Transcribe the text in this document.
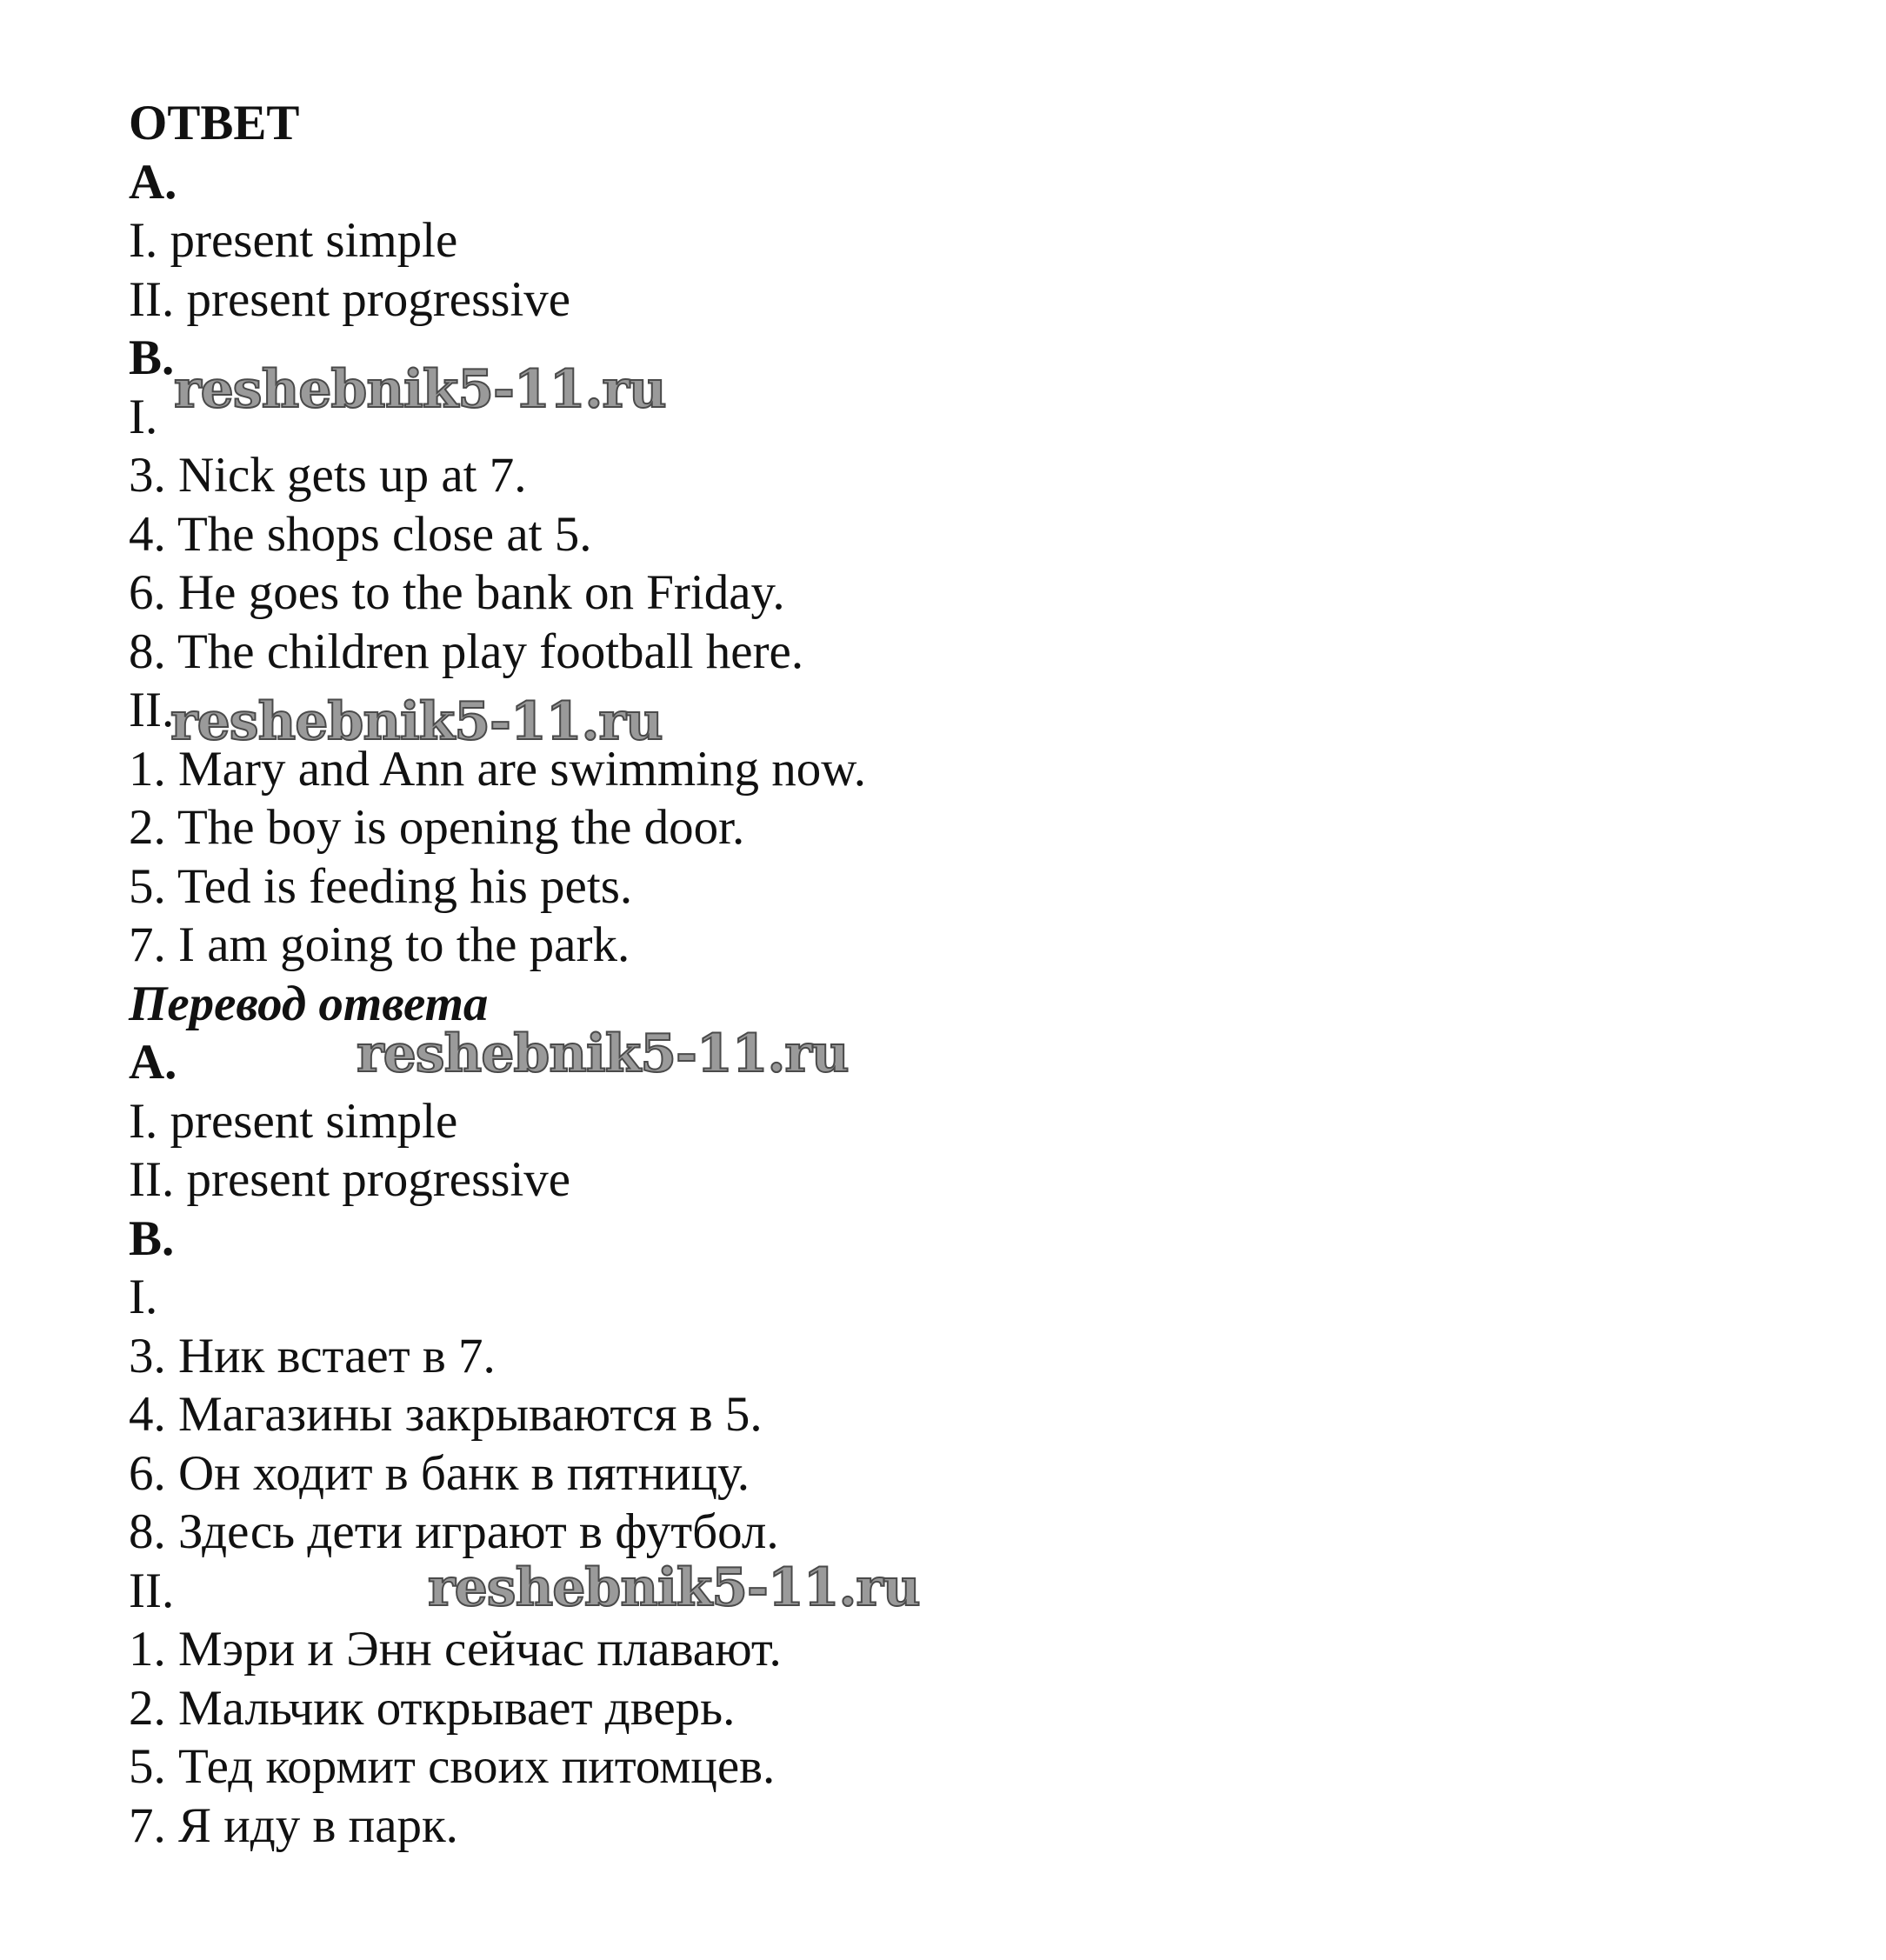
ОТВЕТ
A.
I. present simple
II. present progressive
B.
I.
3. Nick gets up at 7.
4. The shops close at 5.
6. He goes to the bank on Friday.
8. The children play football here.
II.
1. Mary and Ann are swimming now.
2. The boy is opening the door.
5. Ted is feeding his pets.
7. I am going to the park.
Перевод ответа
A.
I. present simple
II. present progressive
B.
I.
3. Ник встает в 7.
4. Магазины закрываются в 5.
6. Он ходит в банк в пятницу.
8. Здесь дети играют в футбол.
II.
1. Мэри и Энн сейчас плавают.
2. Мальчик открывает дверь.
5. Тед кормит своих питомцев.
7. Я иду в парк.
reshebnik5-11.ru
reshebnik5-11.ru
reshebnik5-11.ru
reshebnik5-11.ru
